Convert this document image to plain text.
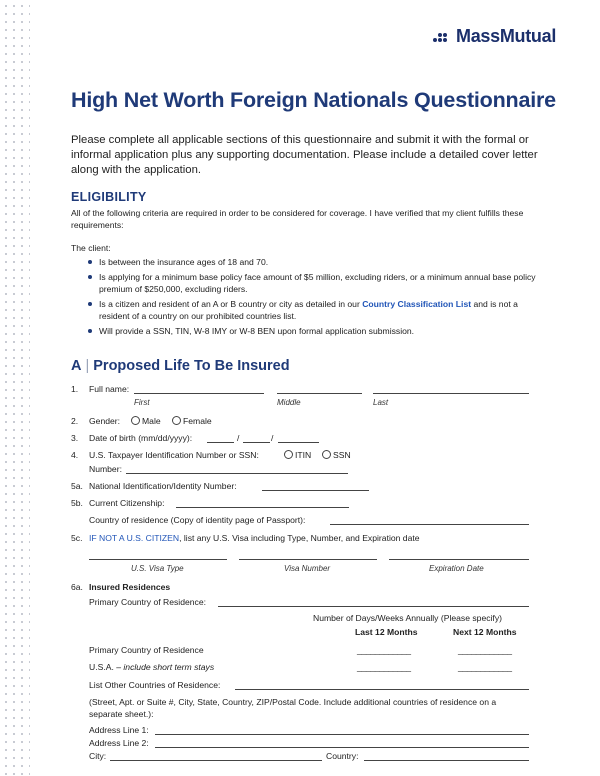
MassMutual
High Net Worth Foreign Nationals Questionnaire
Please complete all applicable sections of this questionnaire and submit it with the formal or informal application plus any supporting documentation. Please include a detailed cover letter along with the application.
ELIGIBILITY
All of the following criteria are required in order to be considered for coverage. I have verified that my client fulfills these requirements:
The client:
Is between the insurance ages of 18 and 70.
Is applying for a minimum base policy face amount of $5 million, excluding riders, or a minimum annual base policy premium of $250,000, excluding riders.
Is a citizen and resident of an A or B country or city as detailed in our Country Classification List and is not a resident of a country on our prohibited countries list.
Will provide a SSN, TIN, W-8 IMY or W-8 BEN upon formal application submission.
A | Proposed Life To Be Insured
1. Full name:
First	Middle	Last
2. Gender:	Male	Female
3. Date of birth (mm/dd/yyyy):	/	/
4. U.S. Taxpayer Identification Number or SSN:	ITIN	SSN
Number:
5a. National Identification/Identity Number:
5b. Current Citizenship:
Country of residence (Copy of identity page of Passport):
5c. IF NOT A U.S. CITIZEN, list any U.S. Visa including Type, Number, and Expiration date
U.S. Visa Type	Visa Number	Expiration Date
6a. Insured Residences
Primary Country of Residence:
Number of Days/Weeks Annually (Please specify)
Last 12 Months	Next 12 Months
Primary Country of Residence	____________	____________
U.S.A. – include short term stays	____________	____________
List Other Countries of Residence:
(Street, Apt. or Suite #, City, State, Country, ZIP/Postal Code. Include additional countries of residence on a separate sheet.):
Address Line 1:
Address Line 2:
City:	Country:
